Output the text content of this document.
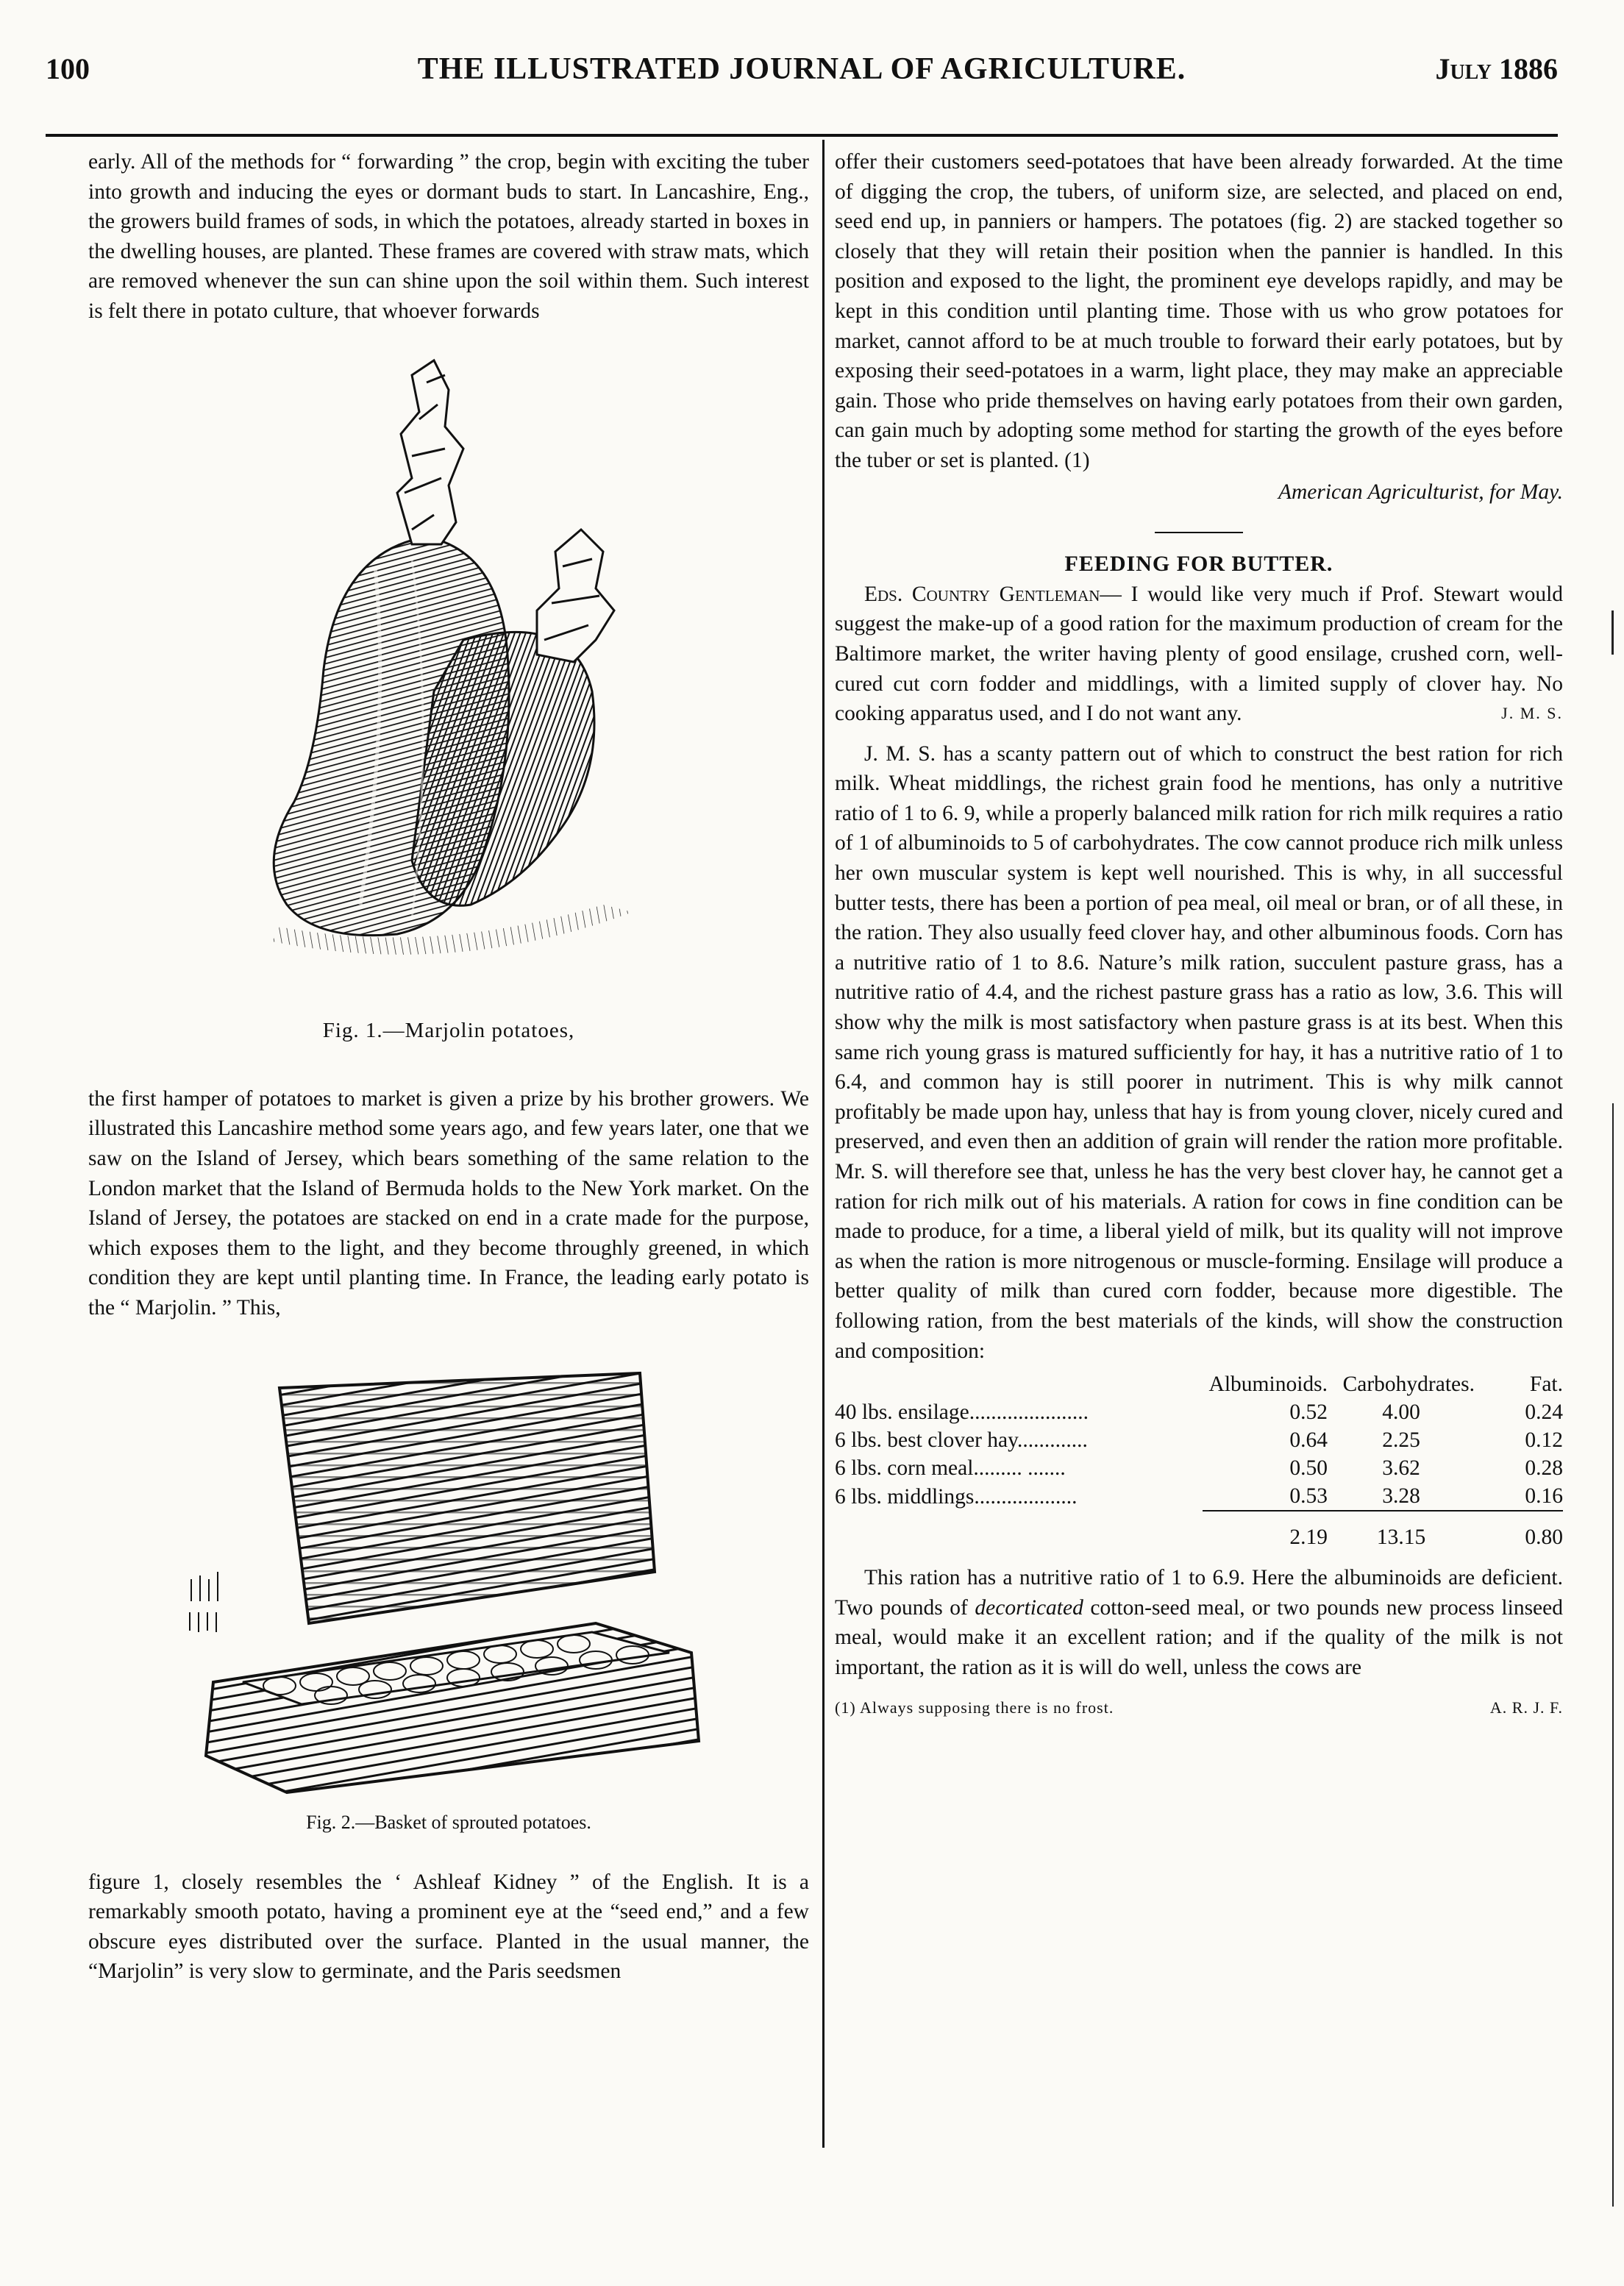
100	THE ILLUSTRATED JOURNAL OF AGRICULTURE.	July 1886

early. All of the methods for “ forwarding ” the crop, begin with exciting the tuber into growth and inducing the eyes or dormant buds to start. In Lancashire, Eng., the growers build frames of sods, in which the potatoes, already started in boxes in the dwelling houses, are planted. These frames are covered with straw mats, which are removed whenever the sun can shine upon the soil within them. Such interest is felt there in potato culture, that whoever forwards

Fig. 1.—Marjolin potatoes,

the first hamper of potatoes to market is given a prize by his brother growers. We illustrated this Lancashire method some years ago, and few years later, one that we saw on the Island of Jersey, which bears something of the same relation to the London market that the Island of Bermuda holds to the New York market. On the Island of Jersey, the potatoes are stacked on end in a crate made for the purpose, which exposes them to the light, and they become throughly greened, in which condition they are kept until planting time. In France, the leading early potato is the “ Marjolin. ” This,

Fig. 2.—Basket of sprouted potatoes.

figure 1, closely resembles the ‘ Ashleaf Kidney ” of the English. It is a remarkably smooth potato, having a prominent eye at the “seed end,” and a few obscure eyes distributed over the surface. Planted in the usual manner, the “Marjolin” is very slow to germinate, and the Paris seedsmen

offer their customers seed-potatoes that have been already forwarded. At the time of digging the crop, the tubers, of uniform size, are selected, and placed on end, seed end up, in panniers or hampers. The potatoes (fig. 2) are stacked together so closely that they will retain their position when the pannier is handled. In this position and exposed to the light, the prominent eye develops rapidly, and may be kept in this condition until planting time. Those with us who grow potatoes for market, cannot afford to be at much trouble to forward their early potatoes, but by exposing their seed-potatoes in a warm, light place, they may make an appreciable gain. Those who pride themselves on having early potatoes from their own garden, can gain much by adopting some method for starting the growth of the eyes before the tuber or set is planted. (1)

American Agriculturist, for May.
FEEDING FOR BUTTER.

Eds. Country Gentleman— I would like very much if Prof. Stewart would suggest the make-up of a good ration for the maximum production of cream for the Baltimore market, the writer having plenty of good ensilage, crushed corn, well-cured cut corn fodder and middlings, with a limited supply of clover hay. No cooking apparatus used, and I do not want any.	J. M. S.

J. M. S. has a scanty pattern out of which to construct the best ration for rich milk. Wheat middlings, the richest grain food he mentions, has only a nutritive ratio of 1 to 6. 9, while a properly balanced milk ration for rich milk requires a ratio of 1 of albuminoids to 5 of carbohydrates. The cow cannot produce rich milk unless her own muscular system is kept well nourished. This is why, in all successful butter tests, there has been a portion of pea meal, oil meal or bran, or of all these, in the ration. They also usually feed clover hay, and other albuminous foods. Corn has a nutritive ratio of 1 to 8.6. Nature’s milk ration, succulent pasture grass, has a nutritive ratio of 4.4, and the richest pasture grass has a ratio as low, 3.6. This will show why the milk is most satisfactory when pasture grass is at its best. When this same rich young grass is matured sufficiently for hay, it has a nutritive ratio of 1 to 6.4, and common hay is still poorer in nutriment. This is why milk cannot profitably be made upon hay, unless that hay is from young clover, nicely cured and preserved, and even then an addition of grain will render the ration more profitable. Mr. S. will therefore see that, unless he has the very best clover hay, he cannot get a ration for rich milk out of his materials. A ration for cows in fine condition can be made to produce, for a time, a liberal yield of milk, but its quality will not improve as when the ration is more nitrogenous or muscle-forming. Ensilage will produce a better quality of milk than cured corn fodder, because more digestible. The following ration, from the best materials of the kinds, will show the construction and composition:

	Albuminoids.	Carbohydrates.	Fat.
40 lbs. ensilage......................	0.52	4.00	0.24
6 lbs. best clover hay.............	0.64	2.25	0.12
6 lbs. corn meal......... .......	0.50	3.62	0.28
6 lbs. middlings...................	0.53	3.28	0.16
	2.19	13.15	0.80

This ration has a nutritive ratio of 1 to 6.9. Here the albuminoids are deficient. Two pounds of decorticated cotton-seed meal, or two pounds new process linseed meal, would make it an excellent ration; and if the quality of the milk is not important, the ration as it is will do well, unless the cows are

(1) Always supposing there is no frost.	A. R. J. F.
